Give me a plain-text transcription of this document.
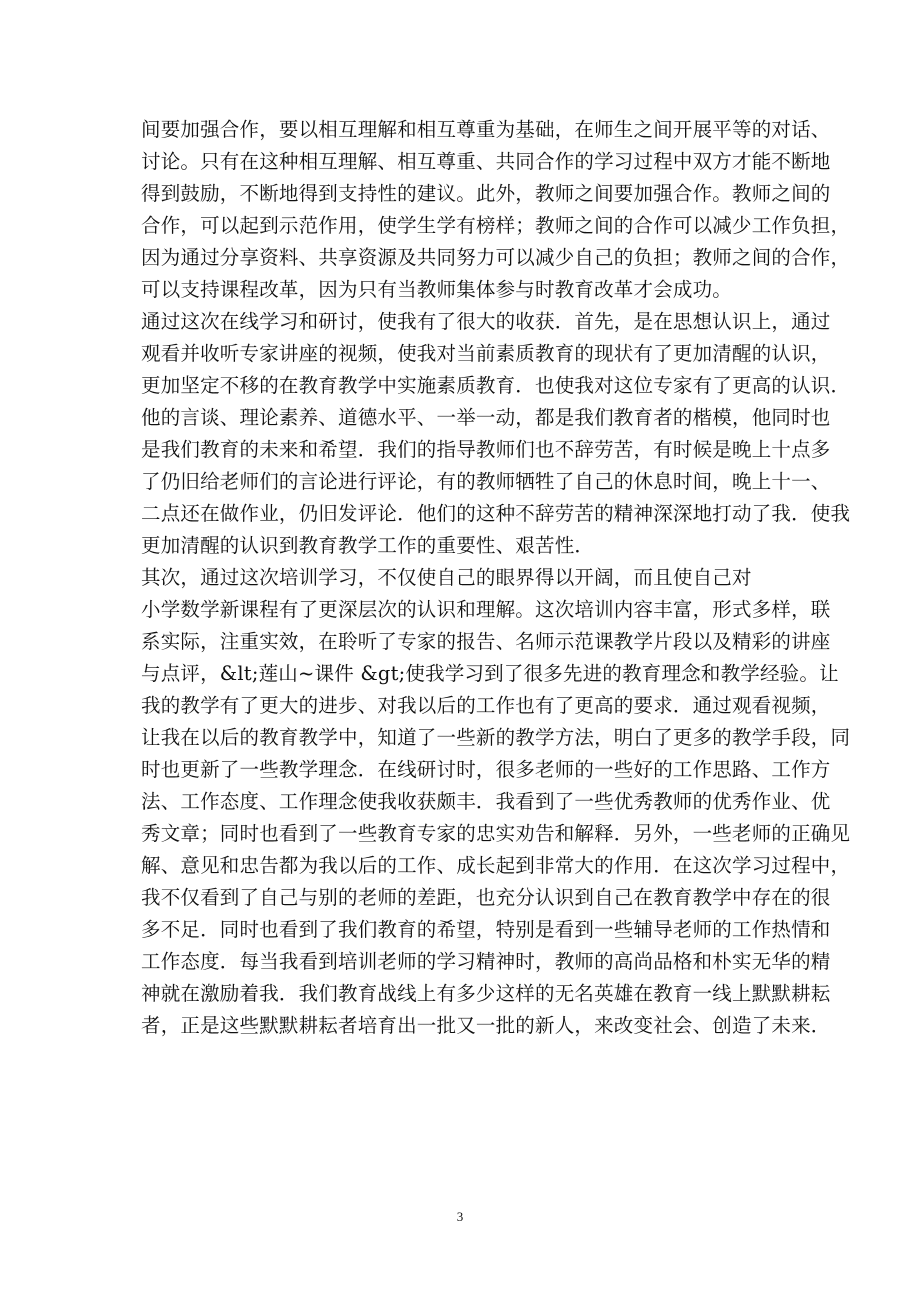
间要加强合作，要以相互理解和相互尊重为基础，在师生之间开展平等的对话、
讨论。只有在这种相互理解、相互尊重、共同合作的学习过程中双方才能不断地
得到鼓励，不断地得到支持性的建议。此外，教师之间要加强合作。教师之间的
合作，可以起到示范作用，使学生学有榜样；教师之间的合作可以减少工作负担，
因为通过分享资料、共享资源及共同努力可以减少自己的负担；教师之间的合作，
可以支持课程改革，因为只有当教师集体参与时教育改革才会成功。
通过这次在线学习和研讨，使我有了很大的收获．首先，是在思想认识上，通过
观看并收听专家讲座的视频，使我对当前素质教育的现状有了更加清醒的认识，
更加坚定不移的在教育教学中实施素质教育．也使我对这位专家有了更高的认识．
他的言谈、理论素养、道德水平、一举一动，都是我们教育者的楷模，他同时也
是我们教育的未来和希望．我们的指导教师们也不辞劳苦，有时候是晚上十点多
了仍旧给老师们的言论进行评论，有的教师牺牲了自己的休息时间，晚上十一、
二点还在做作业，仍旧发评论．他们的这种不辞劳苦的精神深深地打动了我．使我
更加清醒的认识到教育教学工作的重要性、艰苦性．
其次，通过这次培训学习，不仅使自己的眼界得以开阔，而且使自己对
小学数学新课程有了更深层次的认识和理解。这次培训内容丰富，形式多样，联
系实际，注重实效，在聆听了专家的报告、名师示范课教学片段以及精彩的讲座
与点评，&lt;莲山~课件 &gt;使我学习到了很多先进的教育理念和教学经验。让
我的教学有了更大的进步、对我以后的工作也有了更高的要求．通过观看视频，
让我在以后的教育教学中，知道了一些新的教学方法，明白了更多的教学手段，同
时也更新了一些教学理念．在线研讨时，很多老师的一些好的工作思路、工作方
法、工作态度、工作理念使我收获颇丰．我看到了一些优秀教师的优秀作业、优
秀文章；同时也看到了一些教育专家的忠实劝告和解释．另外，一些老师的正确见
解、意见和忠告都为我以后的工作、成长起到非常大的作用．在这次学习过程中，
我不仅看到了自己与别的老师的差距，也充分认识到自己在教育教学中存在的很
多不足．同时也看到了我们教育的希望，特别是看到一些辅导老师的工作热情和
工作态度．每当我看到培训老师的学习精神时，教师的高尚品格和朴实无华的精
神就在激励着我．我们教育战线上有多少这样的无名英雄在教育一线上默默耕耘
者，正是这些默默耕耘者培育出一批又一批的新人，来改变社会、创造了未来．
3
